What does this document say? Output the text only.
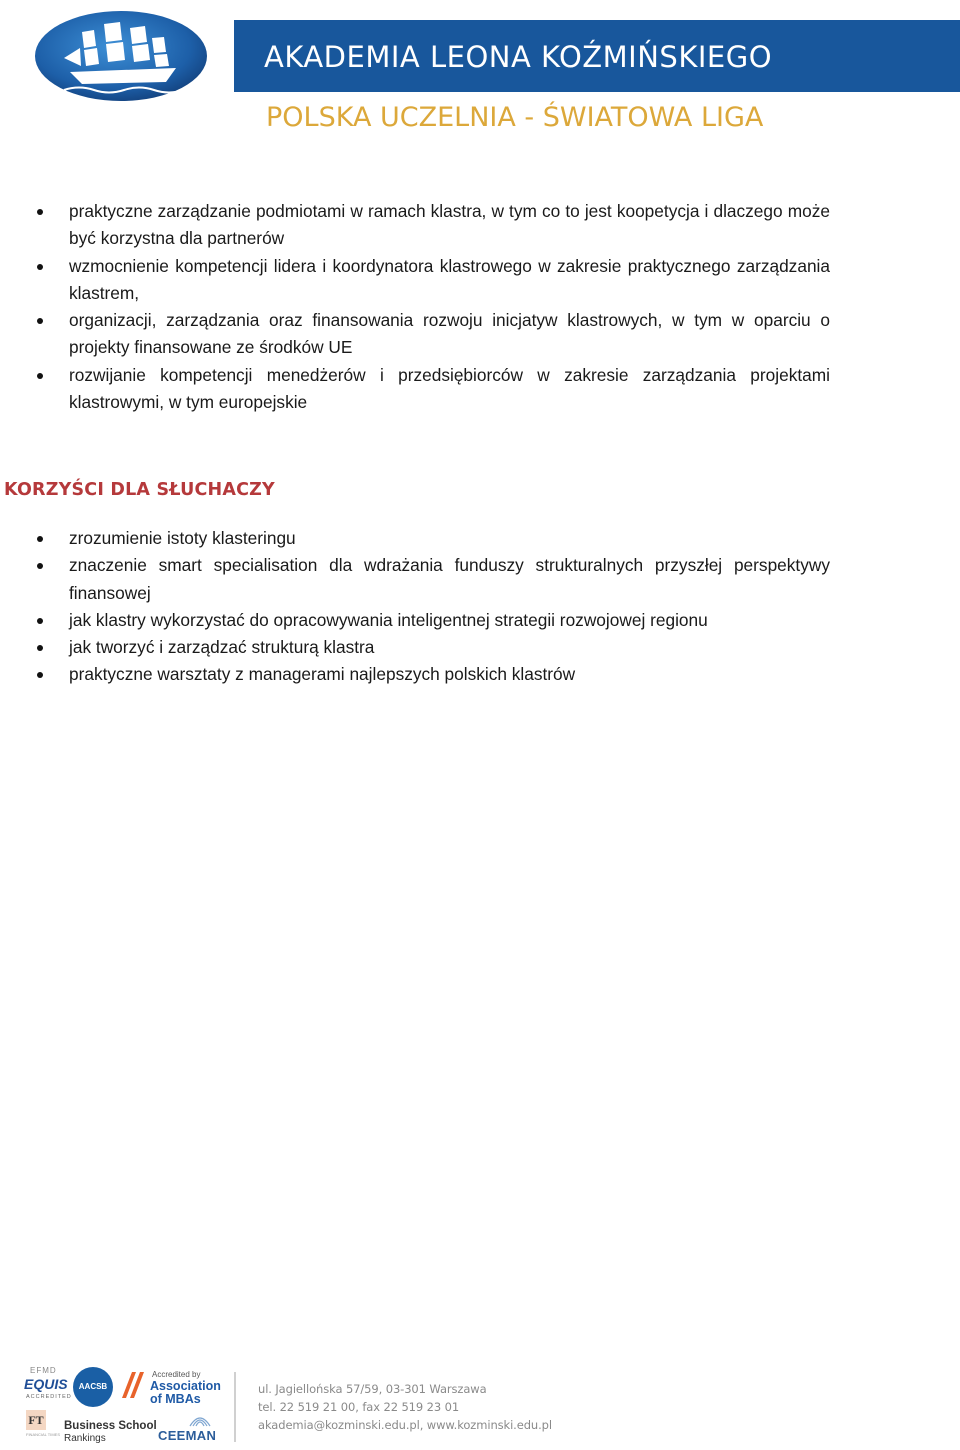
AKADEMIA LEONA KOŹMIŃSKIEGO
POLSKA UCZELNIA - ŚWIATOWA LIGA
praktyczne zarządzanie podmiotami w ramach klastra, w tym co to jest koopetycja i dlaczego może być korzystna dla partnerów
wzmocnienie kompetencji lidera i koordynatora klastrowego w zakresie praktycznego zarządzania klastrem,
organizacji, zarządzania oraz finansowania rozwoju inicjatyw klastrowych, w tym w oparciu o projekty finansowane ze środków UE
rozwijanie kompetencji menedżerów i przedsiębiorców w zakresie zarządzania projektami klastrowymi, w tym europejskie
KORZYŚCI DLA SŁUCHACZY
zrozumienie istoty klasteringu
znaczenie smart specialisation dla wdrażania funduszy strukturalnych przyszłej perspektywy finansowej
jak klastry wykorzystać do opracowywania inteligentnej strategii rozwojowej regionu
jak tworzyć i zarządzać strukturą klastra
praktyczne warsztaty z managerami najlepszych polskich klastrów
EFMD
EQUIS
ACCREDITED
AACSB
Accredited by
Association
of MBAs
FT
FINANCIAL TIMES
Business School
Rankings	CEEMAN
ul. Jagiellońska 57/59, 03-301 Warszawa
tel. 22 519 21 00, fax 22 519 23 01
akademia@kozminski.edu.pl, www.kozminski.edu.pl
